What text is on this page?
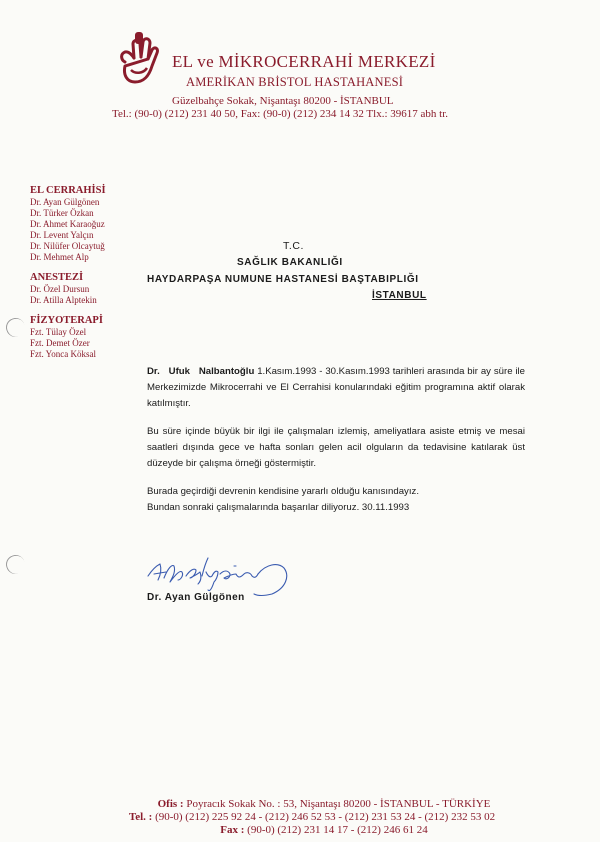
EL ve MİKROCERRAHİ MERKEZİ
AMERİKAN BRİSTOL HASTAHANESİ
Güzelbahçe Sokak, Nişantaşı 80200 - İSTANBUL
Tel.: (90-0) (212) 231 40 50, Fax: (90-0) (212) 234 14 32 Tlx.: 39617 abh tr.

EL CERRAHİSİ

Dr. Ayan Gülgönen

Dr. Türker Özkan

Dr. Ahmet Karaoğuz

Dr. Levent Yalçın

Dr. Nilüfer Olcaytuğ

Dr. Mehmet Alp

ANESTEZİ

Dr. Özel Dursun

Dr. Atilla Alptekin

FİZYOTERAPİ

Fzt. Tülay Özel

Fzt. Demet Özer

Fzt. Yonca Köksal

T.C.
SAĞLIK BAKANLIĞI
HAYDARPAŞA NUMUNE HASTANESİ BAŞTABIPLIĞI
İSTANBUL
Dr. Ufuk Nalbantoğlu 1.Kasım.1993 - 30.Kasım.1993 tarihleri arasında bir ay süre ile Merkezimizde Mikrocerrahi ve El Cerrahisi konularındaki eğitim programına aktif olarak katılmıştır.
Bu süre içinde büyük bir ilgi ile çalışmaları izlemiş, ameliyatlara asiste etmiş ve mesai saatleri dışında gece ve hafta sonları gelen acil olguların da tedavisine katılarak üst düzeyde bir çalışma örneği göstermiştir.
Burada geçirdiği devrenin kendisine yararlı olduğu kanısındayız.
Bundan sonraki çalışmalarında başarılar diliyoruz. 30.11.1993
Dr. Ayan Gülgönen
Ofis : Poyracık Sokak No. : 53, Nişantaşı 80200 - İSTANBUL - TÜRKİYE
Tel. : (90-0) (212) 225 92 24 - (212) 246 52 53 - (212) 231 53 24 - (212) 232 53 02
Fax : (90-0) (212) 231 14 17 - (212) 246 61 24
